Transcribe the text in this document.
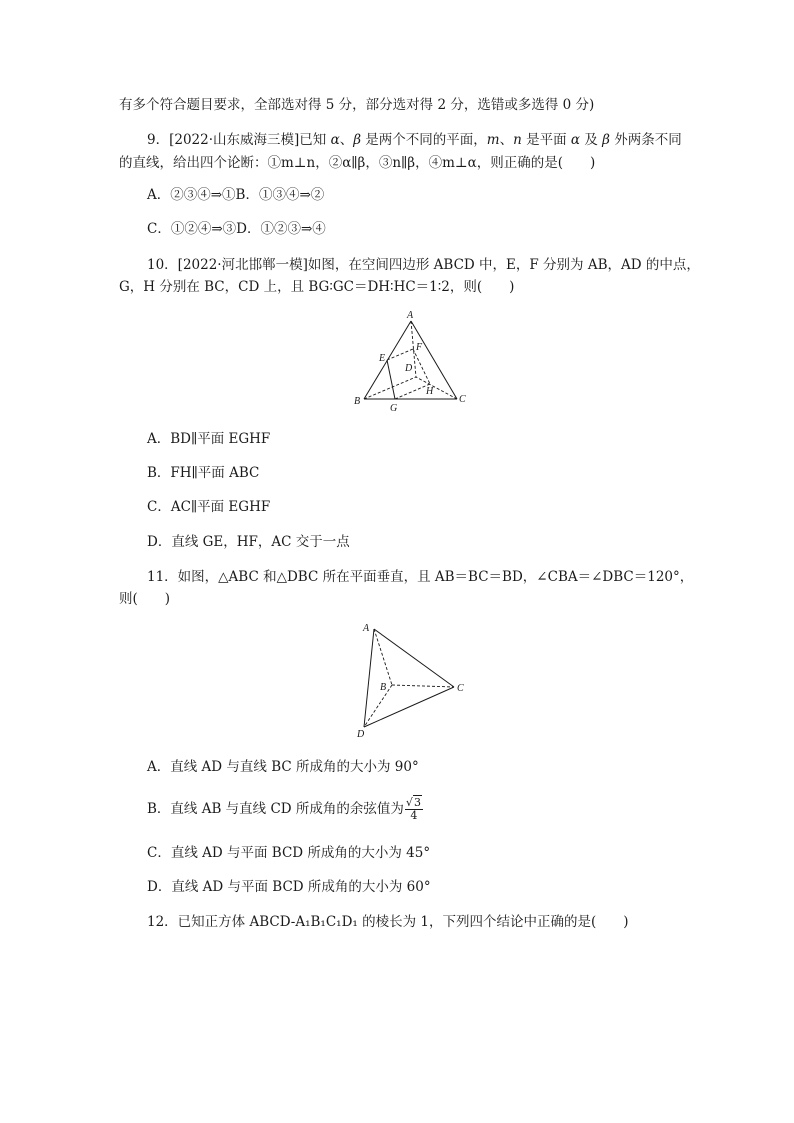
有多个符合题目要求，全部选对得 5 分，部分选对得 2 分，选错或多选得 0 分)
9．[2022·山东威海三模]已知 α、β 是两个不同的平面，m、n 是平面 α 及 β 外两条不同
的直线，给出四个论断：①m⊥n，②α∥β，③n∥β，④m⊥α，则正确的是(　　)
A．②③④⇒①B．①③④⇒②
C．①②④⇒③D．①②③⇒④
10．[2022·河北邯郸一模]如图，在空间四边形 ABCD 中，E，F 分别为 AB，AD 的中点，
G，H 分别在 BC，CD 上，且 BG∶GC＝DH∶HC＝1∶2，则(　　)
A
B	C
D
E
F
G
H
A．BD∥平面 EGHF
B．FH∥平面 ABC
C．AC∥平面 EGHF
D．直线 GE，HF，AC 交于一点
11．如图，△ABC 和△DBC 所在平面垂直，且 AB＝BC＝BD，∠CBA＝∠DBC＝120°，
则(　　)
A
B	C
D
A．直线 AD 与直线 BC 所成角的大小为 90°
B．直线 AB 与直线 CD 所成角的余弦值为 $\frac{√3}{4}$
C．直线 AD 与平面 BCD 所成角的大小为 45°
D．直线 AD 与平面 BCD 所成角的大小为 60°
12．已知正方体 ABCD-A₁B₁C₁D₁ 的棱长为 1，下列四个结论中正确的是(　　)
